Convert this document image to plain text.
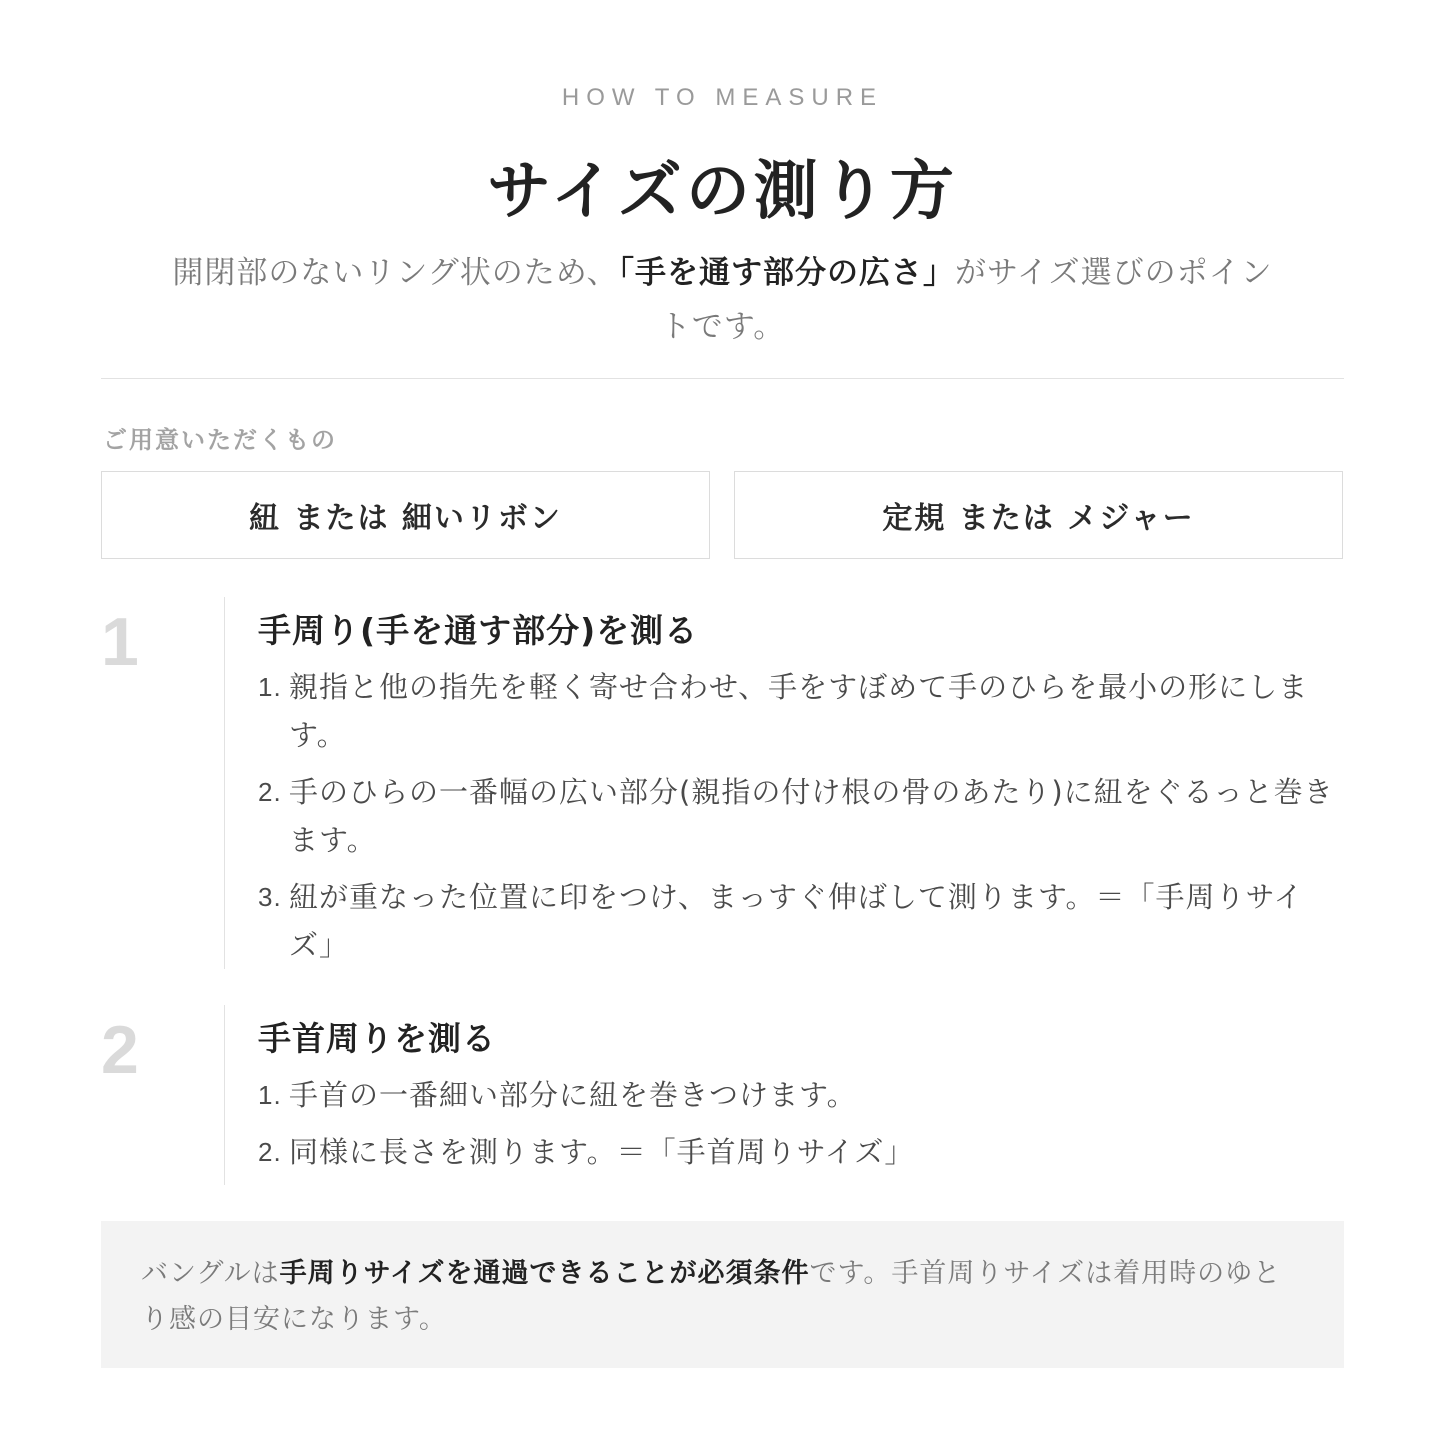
HOW TO MEASURE
サイズの測り方
開閉部のないリング状のため、「手を通す部分の広さ」がサイズ選びのポイントです。
ご用意いただくもの
紐 または 細いリボン	定規 または メジャー
1	手周り(手を通す部分)を測る
1. 親指と他の指先を軽く寄せ合わせ、手をすぼめて手のひらを最小の形にします。
2. 手のひらの一番幅の広い部分(親指の付け根の骨のあたり)に紐をぐるっと巻きます。
3. 紐が重なった位置に印をつけ、まっすぐ伸ばして測ります。＝「手周りサイズ」
2	手首周りを測る
1. 手首の一番細い部分に紐を巻きつけます。
2. 同様に長さを測ります。＝「手首周りサイズ」
バングルは手周りサイズを通過できることが必須条件です。手首周りサイズは着用時のゆとり感の目安になります。
